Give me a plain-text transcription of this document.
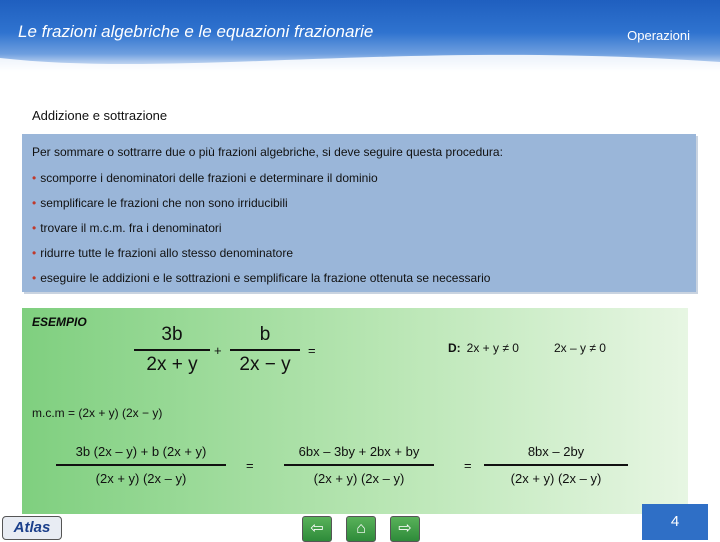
Le frazioni algebriche e le equazioni frazionarie	Operazioni
Addizione e sottrazione
Per sommare o sottrarre due o più frazioni algebriche, si deve seguire questa procedura:
• scomporre i denominatori delle frazioni e determinare il dominio
• semplificare le frazioni che non sono irriducibili
• trovare il m.c.m. fra i denominatori
• ridurre tutte le frazioni allo stesso denominatore
• eseguire le addizioni e le sottrazioni e semplificare la frazione ottenuta se necessario
ESEMPIO
3b
2x + y
+
b
2x − y
=	D: 2x + y ≠ 0	2x – y ≠ 0
m.c.m = (2x + y) (2x − y)
3b (2x – y) + b (2x + y)
(2x + y) (2x – y)
=
6bx – 3by + 2bx + by
(2x + y) (2x – y)
=
8bx – 2by
(2x + y) (2x – y)
Atlas	⇦	⌂	⇨	4
